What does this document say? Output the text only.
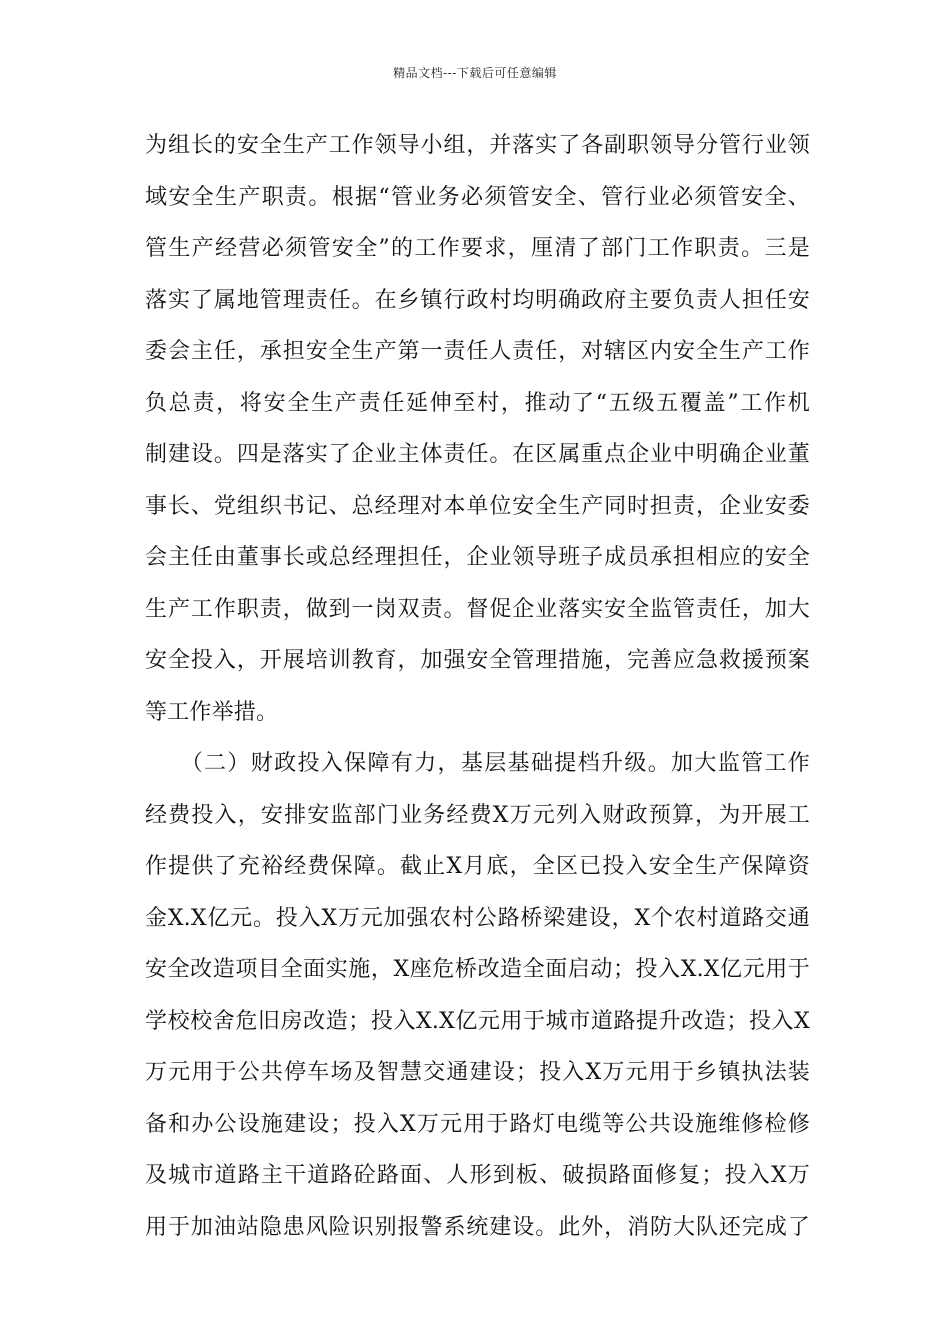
精品文档---下载后可任意编辑
为组长的安全生产工作领导小组，并落实了各副职领导分管行业领
域安全生产职责。根据“管业务必须管安全、管行业必须管安全、
管生产经营必须管安全”的工作要求，厘清了部门工作职责。三是
落实了属地管理责任。在乡镇行政村均明确政府主要负责人担任安
委会主任，承担安全生产第一责任人责任，对辖区内安全生产工作
负总责，将安全生产责任延伸至村，推动了“五级五覆盖”工作机
制建设。四是落实了企业主体责任。在区属重点企业中明确企业董
事长、党组织书记、总经理对本单位安全生产同时担责，企业安委
会主任由董事长或总经理担任，企业领导班子成员承担相应的安全
生产工作职责，做到一岗双责。督促企业落实安全监管责任，加大
安全投入，开展培训教育，加强安全管理措施，完善应急救援预案
等工作举措。
　　（二）财政投入保障有力，基层基础提档升级。加大监管工作
经费投入，安排安监部门业务经费X万元列入财政预算，为开展工
作提供了充裕经费保障。截止X月底，全区已投入安全生产保障资
金X.X亿元。投入X万元加强农村公路桥梁建设，X个农村道路交通
安全改造项目全面实施，X座危桥改造全面启动；投入X.X亿元用于
学校校舍危旧房改造；投入X.X亿元用于城市道路提升改造；投入X
万元用于公共停车场及智慧交通建设；投入X万元用于乡镇执法装
备和办公设施建设；投入X万元用于路灯电缆等公共设施维修检修
及城市道路主干道路砼路面、人形到板、破损路面修复；投入X万
用于加油站隐患风险识别报警系统建设。此外，消防大队还完成了
